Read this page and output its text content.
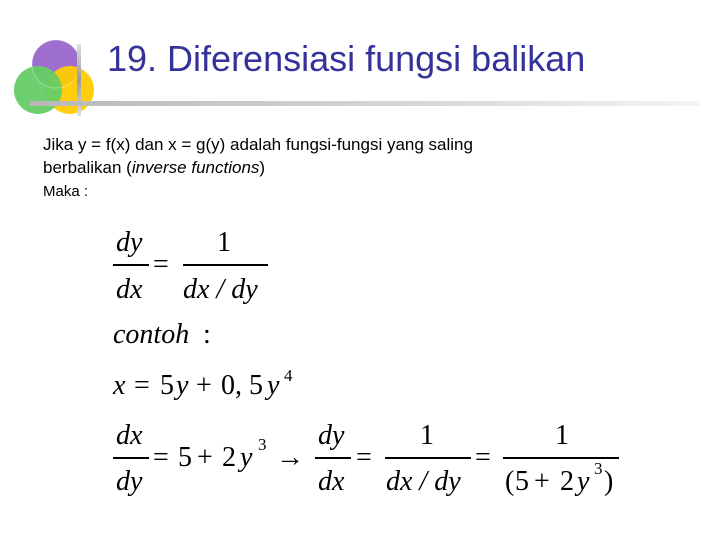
19. Diferensiasi fungsi balikan
Jika y = f(x) dan x = g(y) adalah fungsi-fungsi yang saling
berbalikan (inverse functions)
Maka :
dy
dx
=
1
dx / dy
contoh :
x = 5 y + 0, 5 y 4
dx
dy
= 5 + 2 y 3 →
dy
dx
=
1
dx / dy
=
1
( 5 + 2 y 3 )
